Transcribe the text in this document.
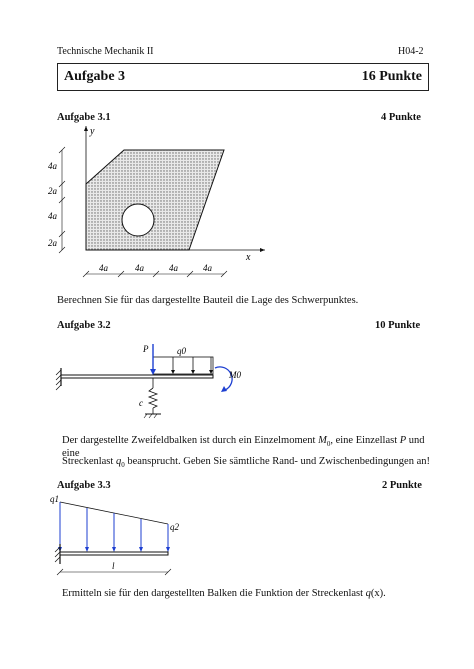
Technische Mechanik II	H04-2
Aufgabe 3	16 Punkte
Aufgabe 3.1	4 Punkte
x
y
4a
2a
4a
2a
4a	4a	4a	4a
Berechnen Sie für das dargestellte Bauteil die Lage des Schwerpunktes.
Aufgabe 3.2	10 Punkte
q0
P
c
M0
Der dargestellte Zweifeldbalken ist durch ein Einzelmoment $M_0$, eine Einzellast P und eine
Streckenlast $q_0$ beansprucht. Geben Sie sämtliche Rand- und Zwischenbedingungen an!
Aufgabe 3.3	2 Punkte
q1
q2
l
Ermitteln sie für den dargestellten Balken die Funktion der Streckenlast q(x).
